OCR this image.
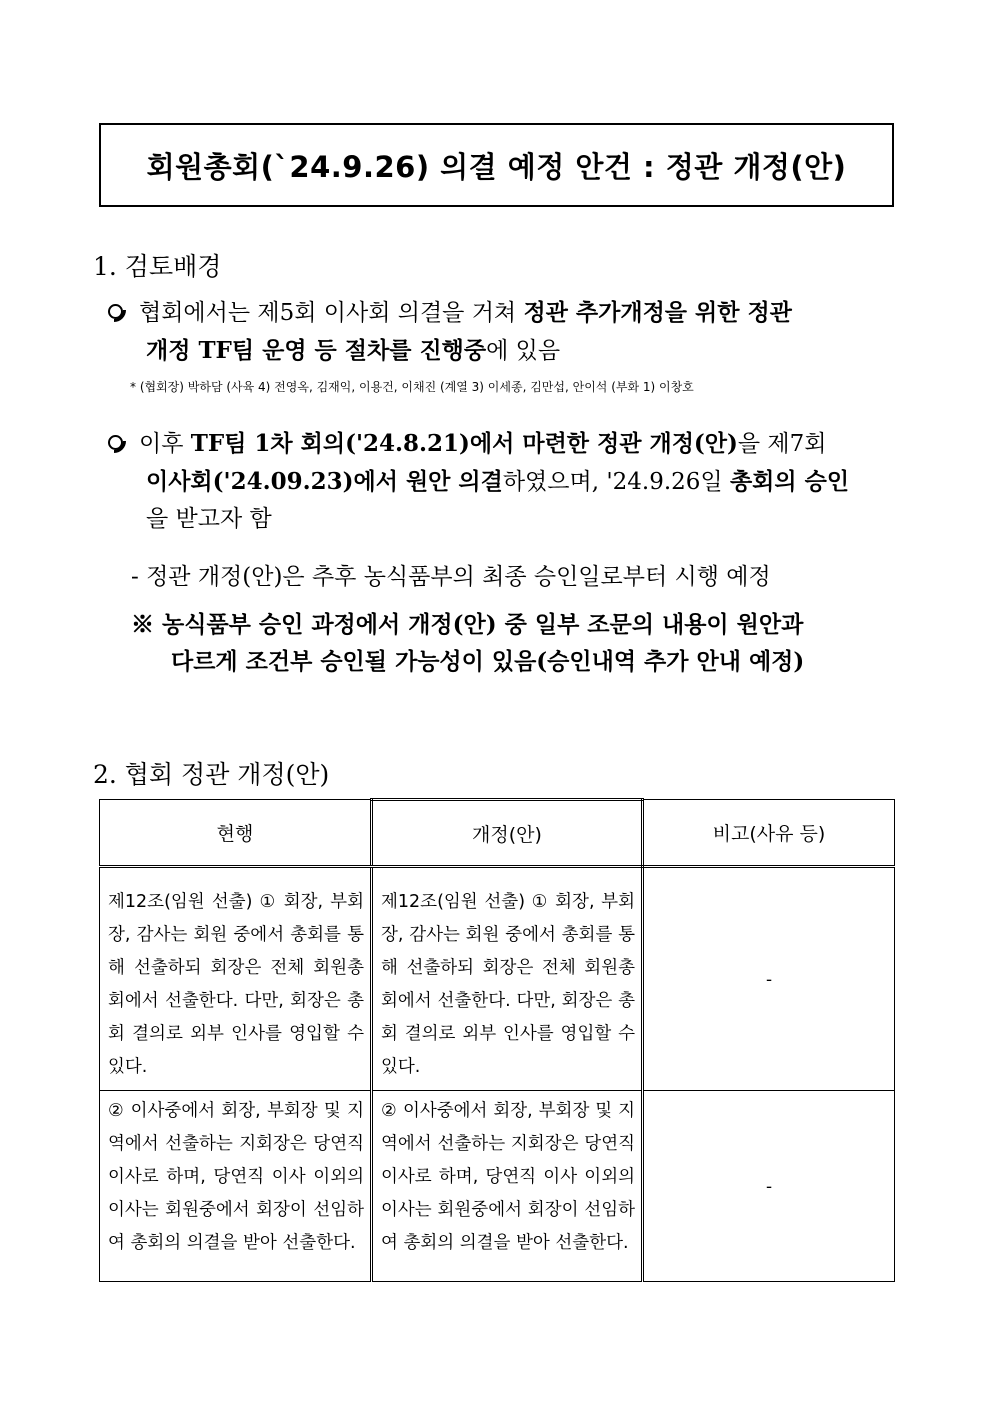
회원총회(`24.9.26) 의결 예정 안건 : 정관 개정(안)
1. 검토배경
협회에서는 제5회 이사회 의결을 거쳐 정관 추가개정을 위한 정관
개정 TF팀 운영 등 절차를 진행중에 있음
* (협회장) 박하담 (사육 4) 전영옥, 김재익, 이용건, 이채진 (계열 3) 이세종, 김만섭, 안이석 (부화 1) 이창호
이후 TF팀 1차 회의('24.8.21)에서 마련한 정관 개정(안)을 제7회
이사회('24.09.23)에서 원안 의결하였으며, '24.9.26일 총회의 승인
을 받고자 함
- 정관 개정(안)은 추후 농식품부의 최종 승인일로부터 시행 예정
※ 농식품부 승인 과정에서 개정(안) 중 일부 조문의 내용이 원안과
다르게 조건부 승인될 가능성이 있음(승인내역 추가 안내 예정)
2. 협회 정관 개정(안)
현행	개정(안)	비고(사유 등)

제12조(임원 선출) ① 회장, 부회장, 감사는 회원 중에서 총회를 통해 선출하되 회장은 전체 회원총회에서 선출한다. 다만, 회장은 총회 결의로 외부 인사를 영입할 수 있다.	제12조(임원 선출) ① 회장, 부회장, 감사는 회원 중에서 총회를 통해 선출하되 회장은 전체 회원총회에서 선출한다. 다만, 회장은 총회 결의로 외부 인사를 영입할 수 있다.	-

② 이사중에서 회장, 부회장 및 지역에서 선출하는 지회장은 당연직 이사로 하며, 당연직 이사 이외의 이사는 회원중에서 회장이 선임하여 총회의 의결을 받아 선출한다.	② 이사중에서 회장, 부회장 및 지역에서 선출하는 지회장은 당연직 이사로 하며, 당연직 이사 이외의 이사는 회원중에서 회장이 선임하여 총회의 의결을 받아 선출한다.	-
